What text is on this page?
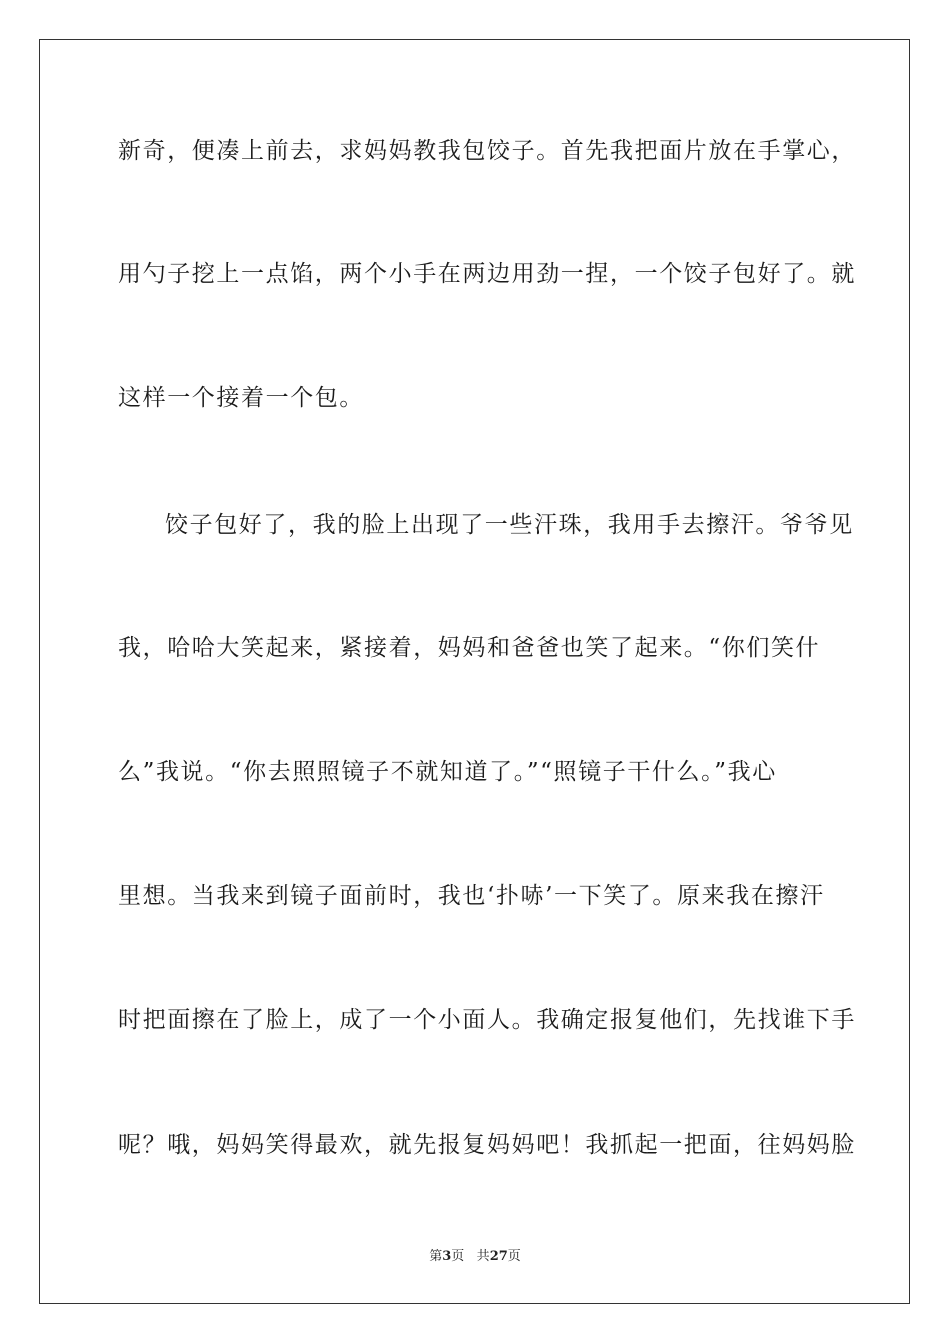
新奇，便凑上前去，求妈妈教我包饺子。首先我把面片放在手掌心，
用勺子挖上一点馅，两个小手在两边用劲一捏，一个饺子包好了。就
这样一个接着一个包。
饺子包好了，我的脸上出现了一些汗珠，我用手去擦汗。爷爷见
我，哈哈大笑起来，紧接着，妈妈和爸爸也笑了起来。“你们笑什
么”我说。“你去照照镜子不就知道了。”“照镜子干什么。”我心
里想。当我来到镜子面前时，我也‘扑哧’一下笑了。原来我在擦汗
时把面擦在了脸上，成了一个小面人。我确定报复他们，先找谁下手
呢？哦，妈妈笑得最欢，就先报复妈妈吧！我抓起一把面，往妈妈脸
第3页 共27页
